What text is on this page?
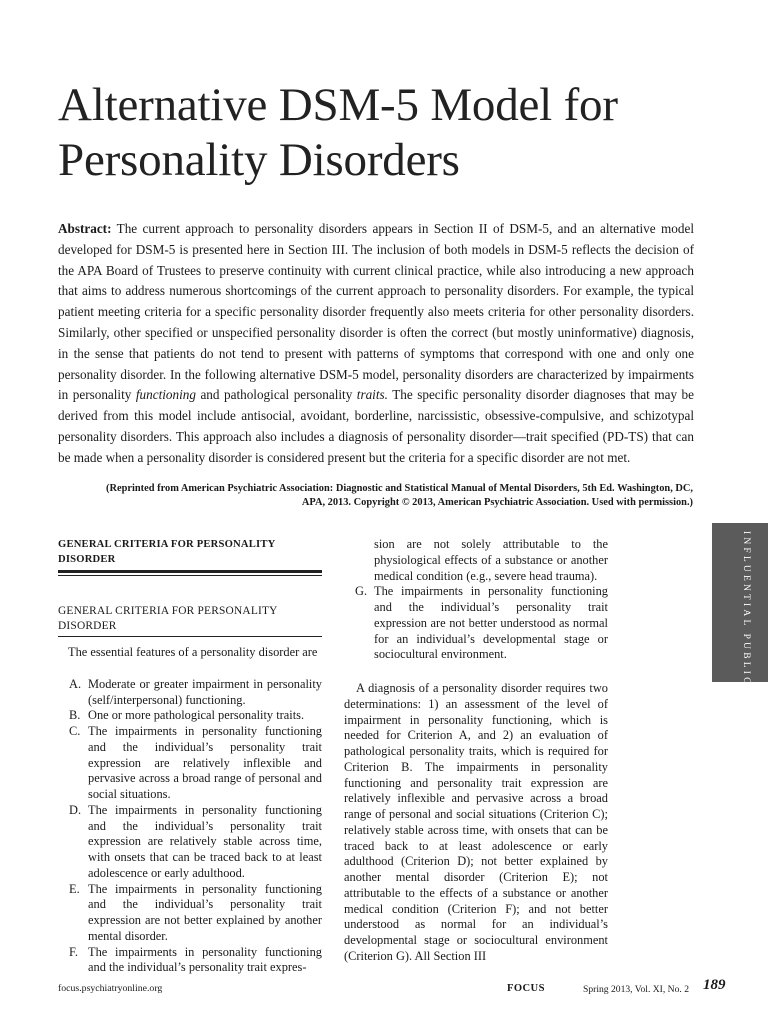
Alternative DSM-5 Model for Personality Disorders

Abstract: The current approach to personality disorders appears in Section II of DSM-5, and an alternative model developed for DSM-5 is presented here in Section III. The inclusion of both models in DSM-5 reflects the decision of the APA Board of Trustees to preserve continuity with current clinical practice, while also introducing a new approach that aims to address numerous shortcomings of the current approach to personality disorders. For example, the typical patient meeting criteria for a specific personality disorder frequently also meets criteria for other personality disorders. Similarly, other specified or unspecified personality disorder is often the correct (but mostly uninformative) diagnosis, in the sense that patients do not tend to present with patterns of symptoms that correspond with one and only one personality disorder. In the following alternative DSM-5 model, personality disorders are characterized by impairments in personality functioning and pathological personality traits. The specific personality disorder diagnoses that may be derived from this model include antisocial, avoidant, borderline, narcissistic, obsessive-compulsive, and schizotypal personality disorders. This approach also includes a diagnosis of personality disorder—trait specified (PD-TS) that can be made when a personality disorder is considered present but the criteria for a specific disorder are not met.

(Reprinted from American Psychiatric Association: Diagnostic and Statistical Manual of Mental Disorders, 5th Ed. Washington, DC, APA, 2013. Copyright © 2013, American Psychiatric Association. Used with permission.)

INFLUENTIAL PUBLICATIONS
GENERAL CRITERIA FOR PERSONALITY DISORDER
GENERAL CRITERIA FOR PERSONALITY DISORDER

The essential features of a personality disorder are

A. Moderate or greater impairment in personality (self/interpersonal) functioning.
B. One or more pathological personality traits.
C. The impairments in personality functioning and the individual’s personality trait expression are relatively inflexible and pervasive across a broad range of personal and social situations.
D. The impairments in personality functioning and the individual’s personality trait expression are relatively stable across time, with onsets that can be traced back to at least adolescence or early adulthood.
E. The impairments in personality functioning and the individual’s personality trait expression are not better explained by another mental disorder.
F. The impairments in personality functioning and the individual’s personality trait expres-

sion are not solely attributable to the physiological effects of a substance or another medical condition (e.g., severe head trauma).

G. The impairments in personality functioning and the individual’s personality trait expression are not better understood as normal for an individual’s developmental stage or sociocultural environment.

A diagnosis of a personality disorder requires two determinations: 1) an assessment of the level of impairment in personality functioning, which is needed for Criterion A, and 2) an evaluation of pathological personality traits, which is required for Criterion B. The impairments in personality functioning and personality trait expression are relatively inflexible and pervasive across a broad range of personal and social situations (Criterion C); relatively stable across time, with onsets that can be traced back to at least adolescence or early adulthood (Criterion D); not better explained by another mental disorder (Criterion E); not attributable to the effects of a substance or another medical condition (Criterion F); and not better understood as normal for an individual’s developmental stage or sociocultural environment (Criterion G). All Section III

focus.psychiatryonline.org	FOCUS	Spring 2013, Vol. XI, No. 2 189
